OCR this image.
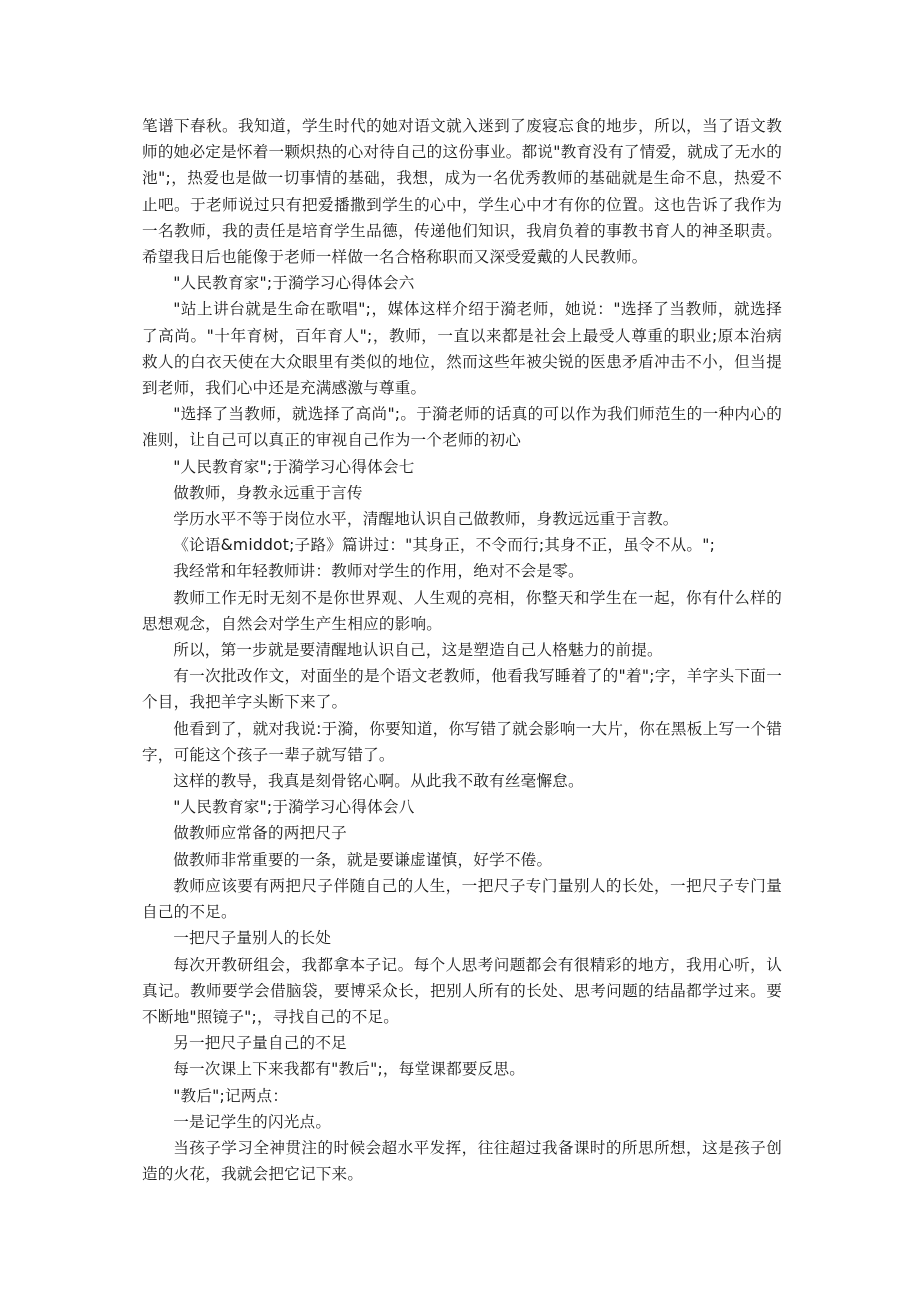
笔谱下春秋。我知道，学生时代的她对语文就入迷到了废寝忘食的地步，所以，当了语文教师的她必定是怀着一颗炽热的心对待自己的这份事业。都说"教育没有了情爱，就成了无水的池";，热爱也是做一切事情的基础，我想，成为一名优秀教师的基础就是生命不息，热爱不止吧。于老师说过只有把爱播撒到学生的心中，学生心中才有你的位置。这也告诉了我作为一名教师，我的责任是培育学生品德，传递他们知识，我肩负着的事教书育人的神圣职责。希望我日后也能像于老师一样做一名合格称职而又深受爱戴的人民教师。

"人民教育家";于漪学习心得体会六

"站上讲台就是生命在歌唱";，媒体这样介绍于漪老师，她说："选择了当教师，就选择了高尚。"十年育树，百年育人";，教师，一直以来都是社会上最受人尊重的职业;原本治病救人的白衣天使在大众眼里有类似的地位，然而这些年被尖锐的医患矛盾冲击不小，但当提到老师，我们心中还是充满感激与尊重。

"选择了当教师，就选择了高尚";。于漪老师的话真的可以作为我们师范生的一种内心的准则，让自己可以真正的审视自己作为一个老师的初心

"人民教育家";于漪学习心得体会七

做教师，身教永远重于言传

学历水平不等于岗位水平，清醒地认识自己做教师，身教远远重于言教。

《论语&middot;子路》篇讲过："其身正，不令而行;其身不正，虽令不从。";

我经常和年轻教师讲：教师对学生的作用，绝对不会是零。

教师工作无时无刻不是你世界观、人生观的亮相，你整天和学生在一起，你有什么样的思想观念，自然会对学生产生相应的影响。

所以，第一步就是要清醒地认识自己，这是塑造自己人格魅力的前提。

有一次批改作文，对面坐的是个语文老教师，他看我写睡着了的"着";字，羊字头下面一个目，我把羊字头断下来了。

他看到了，就对我说:于漪，你要知道，你写错了就会影响一大片，你在黑板上写一个错字，可能这个孩子一辈子就写错了。

这样的教导，我真是刻骨铭心啊。从此我不敢有丝毫懈怠。

"人民教育家";于漪学习心得体会八

做教师应常备的两把尺子

做教师非常重要的一条，就是要谦虚谨慎，好学不倦。

教师应该要有两把尺子伴随自己的人生，一把尺子专门量别人的长处，一把尺子专门量自己的不足。

一把尺子量别人的长处

每次开教研组会，我都拿本子记。每个人思考问题都会有很精彩的地方，我用心听，认真记。教师要学会借脑袋，要博采众长，把别人所有的长处、思考问题的结晶都学过来。要不断地"照镜子";，寻找自己的不足。

另一把尺子量自己的不足

每一次课上下来我都有"教后";，每堂课都要反思。

"教后";记两点：

一是记学生的闪光点。

当孩子学习全神贯注的时候会超水平发挥，往往超过我备课时的所思所想，这是孩子创造的火花，我就会把它记下来。
